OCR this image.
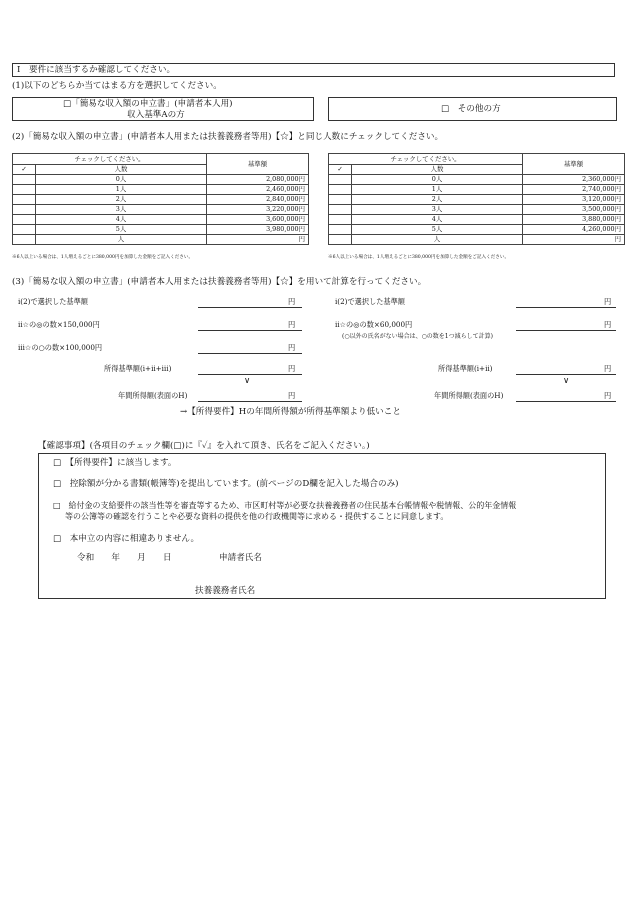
Ⅰ　要件に該当するか確認してください。
(1)以下のどちらか当てはまる方を選択してください。
□「簡易な収入額の申立書」(申請者本人用)
収入基準Aの方
□　その他の方
(2)「簡易な収入額の申立書」(申請者本人用または扶養義務者等用)【☆】と同じ人数にチェックしてください。
チェックしてください。		基準額
✓	人数	
	0人	2,080,000円
	1人	2,460,000円
	2人	2,840,000円
	3人	3,220,000円
	4人	3,600,000円
	5人	3,980,000円
	人	円
※6人以上いる場合は、1人増えるごとに380,000円を加算した金額をご記入ください。
チェックしてください。		基準額
✓	人数	
	0人	2,360,000円
	1人	2,740,000円
	2人	3,120,000円
	3人	3,500,000円
	4人	3,880,000円
	5人	4,260,000円
	人	円
※6人以上いる場合は、1人増えるごとに380,000円を加算した金額をご記入ください。
(3)「簡易な収入額の申立書」(申請者本人用または扶養義務者等用)【☆】を用いて計算を行ってください。
ⅰ(2)で選択した基準額	円
ⅱ☆の◎の数×150,000円	円
ⅲ☆の○の数×100,000円	円
所得基準額(ⅰ+ⅱ+ⅲ)	円
∨
年間所得額(表面のH)	円
ⅰ(2)で選択した基準額	円
ⅱ☆の◎の数×60,000円	円
(○以外の氏名がない場合は、○の数を1つ減らして計算)
所得基準額(ⅰ+ⅱ)	円
∨
年間所得額(表面のH)	円
→【所得要件】Hの年間所得額が所得基準額より低いこと
【確認事項】(各項目のチェック欄(□)に『✓』を入れて頂き、氏名をご記入ください。)
□　【所得要件】に該当します。
□　控除額が分かる書類(帳簿等)を提出しています。(前ページのD欄を記入した場合のみ)
□　給付金の支給要件の該当性等を審査等するため、市区町村等が必要な扶養義務者の住民基本台帳情報や税情報、公的年金情報
等の公簿等の確認を行うことや必要な資料の提供を他の行政機関等に求める・提供することに同意します。
□　本申立の内容に相違ありません。
令和　　年　　月　　日	申請者氏名
扶養義務者氏名
